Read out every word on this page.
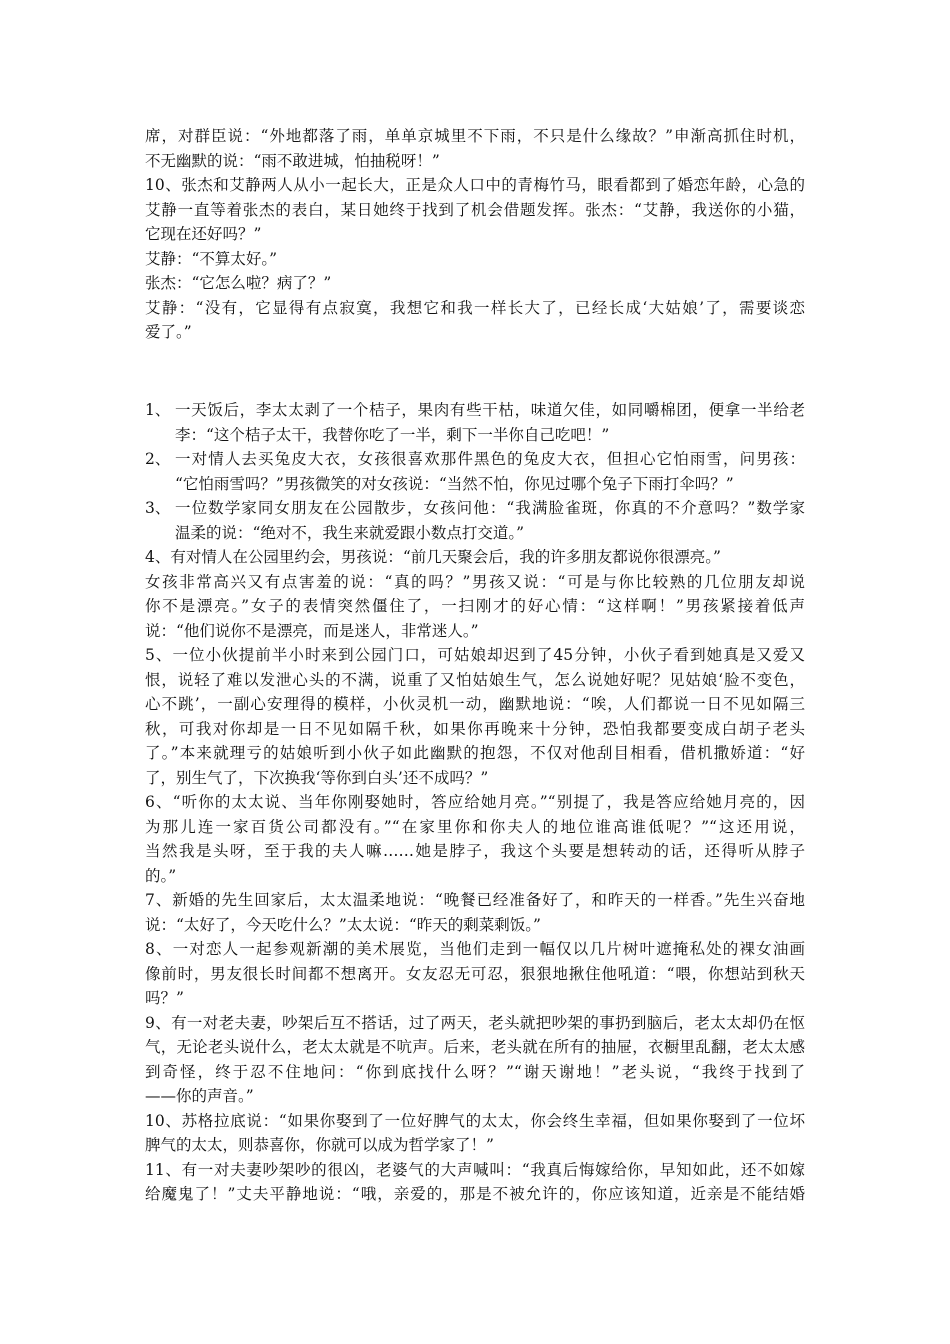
席，对群臣说：“外地都落了雨，单单京城里不下雨，不只是什么缘故？”申渐高抓住时机，
不无幽默的说：“雨不敢进城，怕抽税呀！”
10、张杰和艾静两人从小一起长大，正是众人口中的青梅竹马，眼看都到了婚恋年龄，心急的
艾静一直等着张杰的表白，某日她终于找到了机会借题发挥。张杰：“艾静，我送你的小猫，
它现在还好吗？”
艾静：“不算太好。”
张杰：“它怎么啦？病了？”
艾静：“没有，它显得有点寂寞，我想它和我一样长大了，已经长成‘大姑娘’了，需要谈恋
爱了。”
1、 一天饭后，李太太剥了一个桔子，果肉有些干枯，味道欠佳，如同嚼棉团，便拿一半给老
李：“这个桔子太干，我替你吃了一半，剩下一半你自己吃吧！”
2、 一对情人去买兔皮大衣，女孩很喜欢那件黑色的兔皮大衣，但担心它怕雨雪，问男孩：
“它怕雨雪吗？”男孩微笑的对女孩说：“当然不怕，你见过哪个兔子下雨打伞吗？”
3、 一位数学家同女朋友在公园散步，女孩问他：“我满脸雀斑，你真的不介意吗？”数学家
温柔的说：“绝对不，我生来就爱跟小数点打交道。”
4、有对情人在公园里约会，男孩说：“前几天聚会后，我的许多朋友都说你很漂亮。”
女孩非常高兴又有点害羞的说：“真的吗？”男孩又说：“可是与你比较熟的几位朋友却说
你不是漂亮。”女子的表情突然僵住了，一扫刚才的好心情：“这样啊！”男孩紧接着低声
说：“他们说你不是漂亮，而是迷人，非常迷人。”
5、一位小伙提前半小时来到公园门口，可姑娘却迟到了45分钟，小伙子看到她真是又爱又
恨，说轻了难以发泄心头的不满，说重了又怕姑娘生气，怎么说她好呢？见姑娘‘脸不变色，
心不跳’，一副心安理得的模样，小伙灵机一动，幽默地说：“唉，人们都说一日不见如隔三
秋，可我对你却是一日不见如隔千秋，如果你再晚来十分钟，恐怕我都要变成白胡子老头
了。”本来就理亏的姑娘听到小伙子如此幽默的抱怨，不仅对他刮目相看，借机撒娇道：“好
了，别生气了，下次换我‘等你到白头’还不成吗？”
6、“听你的太太说、当年你刚娶她时，答应给她月亮。”“别提了，我是答应给她月亮的，因
为那儿连一家百货公司都没有。”“在家里你和你夫人的地位谁高谁低呢？”“这还用说，
当然我是头呀，至于我的夫人嘛……她是脖子，我这个头要是想转动的话，还得听从脖子
的。”
7、新婚的先生回家后，太太温柔地说：“晚餐已经准备好了，和昨天的一样香。”先生兴奋地
说：“太好了，今天吃什么？”太太说：“昨天的剩菜剩饭。”
8、一对恋人一起参观新潮的美术展览，当他们走到一幅仅以几片树叶遮掩私处的裸女油画
像前时，男友很长时间都不想离开。女友忍无可忍，狠狠地揪住他吼道：“喂，你想站到秋天
吗？”
9、有一对老夫妻，吵架后互不搭话，过了两天，老头就把吵架的事扔到脑后，老太太却仍在怄
气，无论老头说什么，老太太就是不吭声。后来，老头就在所有的抽屉，衣橱里乱翻，老太太感
到奇怪，终于忍不住地问：“你到底找什么呀？”“谢天谢地！”老头说，“我终于找到了
——你的声音。”
10、苏格拉底说：“如果你娶到了一位好脾气的太太，你会终生幸福，但如果你娶到了一位坏
脾气的太太，则恭喜你，你就可以成为哲学家了！”
11、有一对夫妻吵架吵的很凶，老婆气的大声喊叫：“我真后悔嫁给你，早知如此，还不如嫁
给魔鬼了！”丈夫平静地说：“哦，亲爱的，那是不被允许的，你应该知道，近亲是不能结婚
